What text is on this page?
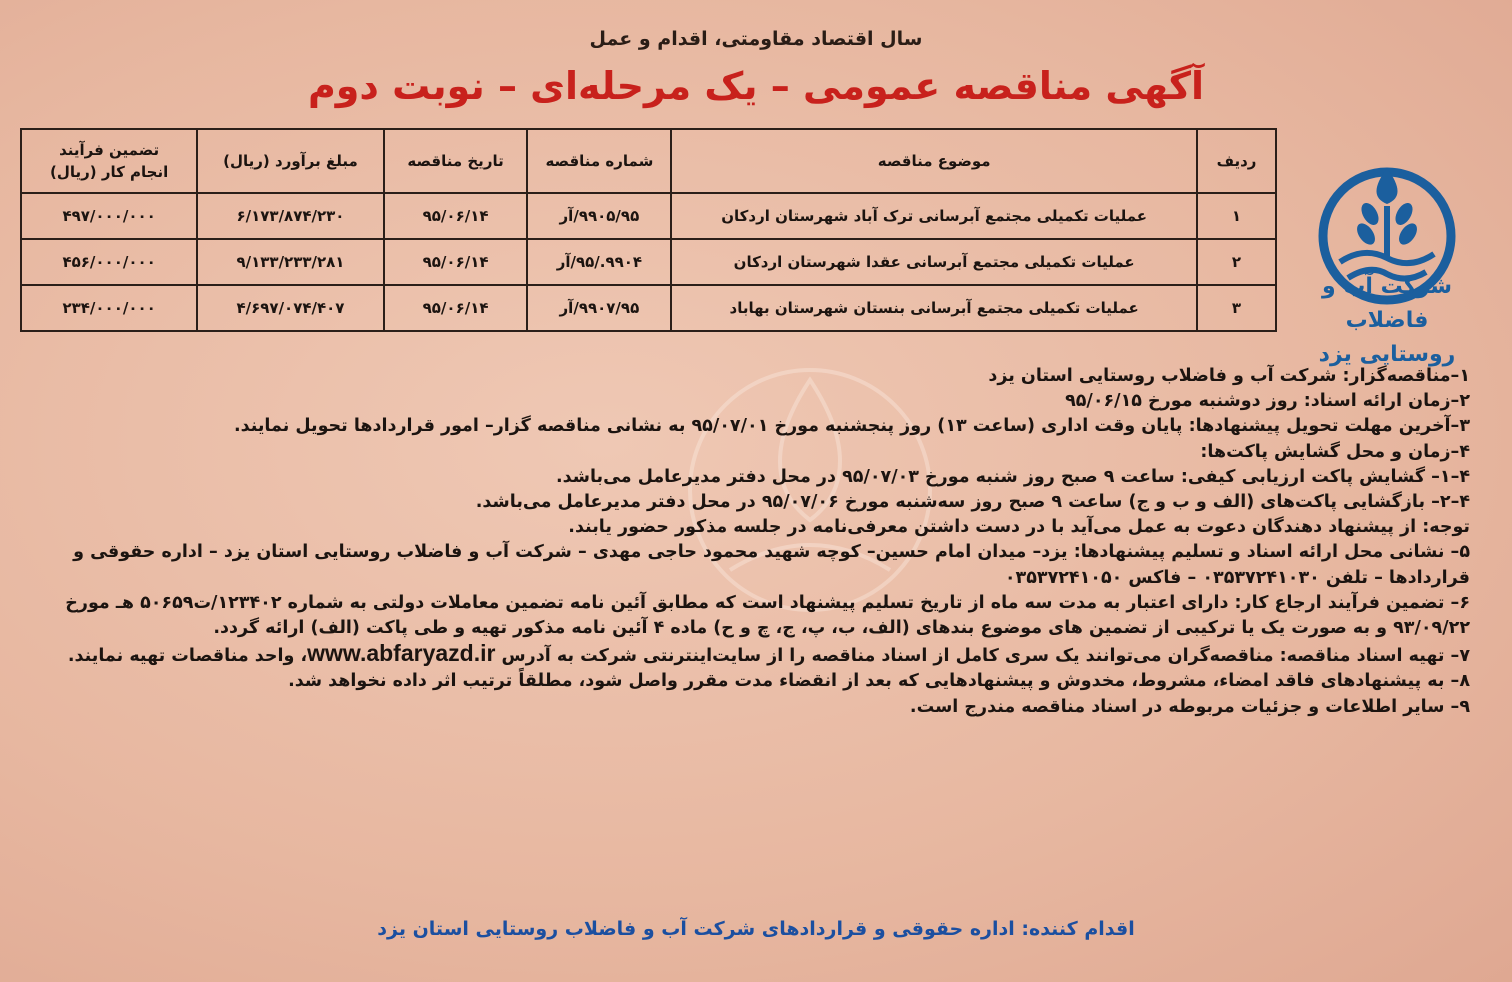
سال اقتصاد مقاومتی، اقدام و عمل
آگهی مناقصه عمومی – یک مرحله‌ای – نوبت دوم
شرکت آب و فاضلاب
روستایی یزد
ردیف	موضوع مناقصه	شماره مناقصه	تاریخ مناقصه	مبلغ برآورد (ریال)	تضمین فرآیند
انجام کار (ریال)

۱	عملیات تکمیلی مجتمع آبرسانی ترک آباد شهرستان اردکان	۹۹۰۵/۹۵/آر	۹۵/۰۶/۱۴	۶/۱۷۳/۸۷۴/۲۳۰	۴۹۷/۰۰۰/۰۰۰
۲	عملیات تکمیلی مجتمع آبرسانی عقدا شهرستان اردکان	۹۹۰۴./۹۵/آر	۹۵/۰۶/۱۴	۹/۱۳۳/۲۳۳/۲۸۱	۴۵۶/۰۰۰/۰۰۰
۳	عملیات تکمیلی مجتمع آبرسانی بنستان شهرستان بهاباد	۹۹۰۷/۹۵/آر	۹۵/۰۶/۱۴	۴/۶۹۷/۰۷۴/۴۰۷	۲۳۴/۰۰۰/۰۰۰

۱–مناقصه‌گزار: شرکت آب و فاضلاب روستایی استان یزد

۲–زمان ارائه اسناد: روز دوشنبه مورخ ۹۵/۰۶/۱۵

۳–آخرین مهلت تحویل پیشنهادها: پایان وقت اداری (ساعت ۱۳) روز پنجشنبه مورخ ۹۵/۰۷/۰۱ به نشانی مناقصه گزار– امور قراردادها تحویل نمایند.

۴–زمان و محل گشایش پاکت‌ها:

۴–۱– گشایش پاکت ارزیابی کیفی: ساعت ۹ صبح روز شنبه مورخ ۹۵/۰۷/۰۳ در محل دفتر مدیرعامل می‌باشد.

۴–۲– بازگشایی پاکت‌های (الف و ب و ج) ساعت ۹ صبح روز سه‌شنبه مورخ ۹۵/۰۷/۰۶ در محل دفتر مدیرعامل می‌باشد.

توجه: از پیشنهاد دهندگان دعوت به عمل می‌آید با در دست داشتن معرفی‌نامه در جلسه مذکور حضور یابند.

۵– نشانی محل ارائه اسناد و تسلیم پیشنهادها: یزد– میدان امام حسین– کوچه شهید محمود حاجی مهدی – شرکت آب و فاضلاب روستایی استان یزد – اداره حقوقی و قراردادها – تلفن ۰۳۵۳۷۲۴۱۰۳۰ – فاکس ۰۳۵۳۷۲۴۱۰۵۰

۶– تضمین فرآیند ارجاع کار: دارای اعتبار به مدت سه ماه از تاریخ تسلیم پیشنهاد است که مطابق آئین نامه تضمین معاملات دولتی به شماره ۱۲۳۴۰۲/ت۵۰۶۵۹ هـ مورخ ۹۳/۰۹/۲۲ و به صورت یک یا ترکیبی از تضمین های موضوع بندهای (الف، ب، پ، ج، چ و ح) ماده ۴ آئین نامه مذکور تهیه و طی پاکت (الف) ارائه گردد.

۷– تهیه اسناد مناقصه: مناقصه‌گران می‌توانند یک سری کامل از اسناد مناقصه را از سایت‌اینترنتی شرکت به آدرس www.abfaryazd.ir، واحد مناقصات تهیه نمایند.

۸– به پیشنهادهای فاقد امضاء، مشروط، مخدوش و پیشنهادهایی که بعد از انقضاء مدت مقرر واصل شود، مطلقاً ترتیب اثر داده نخواهد شد.

۹– سایر اطلاعات و جزئیات مربوطه در اسناد مناقصه مندرج است.

اقدام کننده: اداره حقوقی و قراردادهای شرکت آب و فاضلاب روستایی استان یزد
